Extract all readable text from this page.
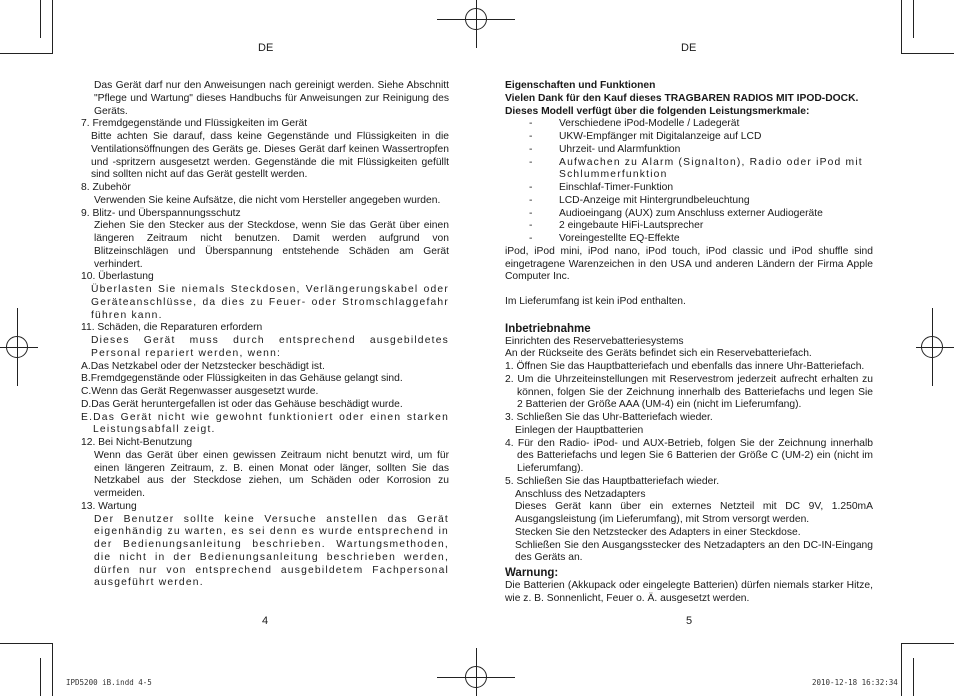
DE	DE

Das Gerät darf nur den Anweisungen nach gereinigt werden. Siehe Abschnitt "Pflege und Wartung" dieses Handbuchs für Anweisungen zur Reinigung des Geräts.

7. Fremdgegenstände und Flüssigkeiten im Gerät

Bitte achten Sie darauf, dass keine Gegenstände und Flüssigkeiten in die Ventilationsöffnungen des Geräts ge. Dieses Gerät darf keinen Wassertropfen und -spritzern ausgesetzt werden. Gegenstände die mit Flüssigkeiten gefüllt sind sollten nicht auf das Gerät gestellt werden.

8. Zubehör

Verwenden Sie keine Aufsätze, die nicht vom Hersteller angegeben wurden.

9. Blitz- und Überspannungsschutz

Ziehen Sie den Stecker aus der Steckdose, wenn Sie das Gerät über einen längeren Zeitraum nicht benutzen. Damit werden aufgrund von Blitzeinschlägen und Überspannung entstehende Schäden am Gerät verhindert.

10. Überlastung

Überlasten Sie niemals Steckdosen, Verlängerungskabel oder Geräteanschlüsse, da dies zu Feuer- oder Stromschlaggefahr führen kann.

11. Schäden, die Reparaturen erfordern

Dieses Gerät muss durch entsprechend ausgebildetes Personal repariert werden, wenn:

A.Das Netzkabel oder der Netzstecker beschädigt ist.

B.Fremdgegenstände oder Flüssigkeiten in das Gehäuse gelangt sind.

C.Wenn das Gerät Regenwasser ausgesetzt wurde.

D.Das Gerät heruntergefallen ist oder das Gehäuse beschädigt wurde.

E.Das Gerät nicht wie gewohnt funktioniert oder einen starken Leistungsabfall zeigt.

12. Bei Nicht-Benutzung

Wenn das Gerät über einen gewissen Zeitraum nicht benutzt wird, um für einen längeren Zeitraum, z. B. einen Monat oder länger, sollten Sie das Netzkabel aus der Steckdose ziehen, um Schäden oder Korrosion zu vermeiden.

13. Wartung

Der Benutzer sollte keine Versuche anstellen das Gerät eigenhändig zu warten, es sei denn es wurde entsprechend in der Bedienungsanleitung beschrieben. Wartungsmethoden, die nicht in der Bedienungsanleitung beschrieben werden, dürfen nur von entsprechend ausgebildetem Fachpersonal ausgeführt werden.

Eigenschaften und Funktionen

Vielen Dank für den Kauf dieses TRAGBAREN RADIOS MIT IPOD-DOCK. Dieses Modell verfügt über die folgenden Leistungsmerkmale:

-	Verschiedene iPod-Modelle / Ladegerät
-	UKW-Empfänger mit Digitalanzeige auf LCD
-	Uhrzeit- und Alarmfunktion
-	Aufwachen zu Alarm (Signalton), Radio oder iPod mit Schlummerfunktion
-	Einschlaf-Timer-Funktion
-	LCD-Anzeige mit Hintergrundbeleuchtung
-	Audioeingang (AUX) zum Anschluss externer Audiogeräte
-	2 eingebaute HiFi-Lautsprecher
-	Voreingestellte EQ-Effekte

iPod, iPod mini, iPod nano, iPod touch, iPod classic und iPod shuffle sind eingetragene Warenzeichen in den USA und anderen Ländern der Firma Apple Computer Inc.

Im Lieferumfang ist kein iPod enthalten.

Inbetriebnahme

Einrichten des Reservebatteriesystems

An der Rückseite des Geräts befindet sich ein Reservebatteriefach.

1. Öffnen Sie das Hauptbatteriefach und ebenfalls das innere Uhr-Batteriefach.

2. Um die Uhrzeiteinstellungen mit Reservestrom jederzeit aufrecht erhalten zu können, folgen Sie der Zeichnung innerhalb des Batteriefachs und legen Sie 2 Batterien der Größe AAA (UM-4) ein (nicht im Lieferumfang).

3. Schließen Sie das Uhr-Batteriefach wieder.

Einlegen der Hauptbatterien

4. Für den Radio- iPod- und AUX-Betrieb, folgen Sie der Zeichnung innerhalb des Batteriefachs und legen Sie 6 Batterien der Größe C (UM-2) ein (nicht im Lieferumfang).

5. Schließen Sie das Hauptbatteriefach wieder.

Anschluss des Netzadapters

Dieses Gerät kann über ein externes Netzteil mit DC 9V, 1.250mA Ausgangsleistung (im Lieferumfang), mit Strom versorgt werden.

Stecken Sie den Netzstecker des Adapters in einer Steckdose.

Schließen Sie den Ausgangsstecker des Netzadapters an den DC-IN-Eingang des Geräts an.

Warnung:

Die Batterien (Akkupack oder eingelegte Batterien) dürfen niemals starker Hitze, wie z. B. Sonnenlicht, Feuer o. Ä. ausgesetzt werden.

4	5
IPD5200 iB.indd 4-5	2010-12-18 16:32:34
